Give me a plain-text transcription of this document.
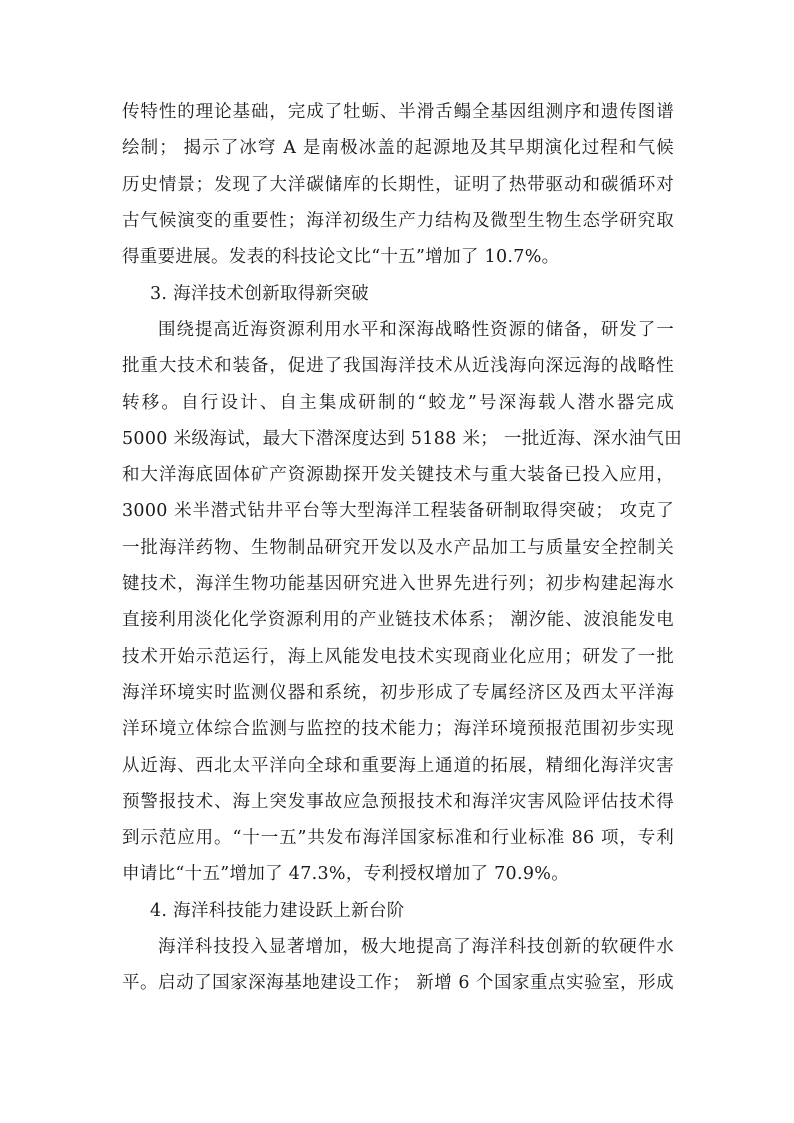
传特性的理论基础，完成了牡蛎、半滑舌鳎全基因组测序和遗传图谱
绘制； 揭示了冰穹 A 是南极冰盖的起源地及其早期演化过程和气候
历史情景；发现了大洋碳储库的长期性，证明了热带驱动和碳循环对
古气候演变的重要性；海洋初级生产力结构及微型生物生态学研究取
得重要进展。发表的科技论文比“十五”增加了 10.7%。
3. 海洋技术创新取得新突破
围绕提高近海资源利用水平和深海战略性资源的储备，研发了一
批重大技术和装备，促进了我国海洋技术从近浅海向深远海的战略性
转移。自行设计、自主集成研制的“蛟龙”号深海载人潜水器完成
5000 米级海试，最大下潜深度达到 5188 米； 一批近海、深水油气田
和大洋海底固体矿产资源勘探开发关键技术与重大装备已投入应用，
3000 米半潜式钻井平台等大型海洋工程装备研制取得突破； 攻克了
一批海洋药物、生物制品研究开发以及水产品加工与质量安全控制关
键技术，海洋生物功能基因研究进入世界先进行列；初步构建起海水
直接利用淡化化学资源利用的产业链技术体系； 潮汐能、波浪能发电
技术开始示范运行，海上风能发电技术实现商业化应用；研发了一批
海洋环境实时监测仪器和系统，初步形成了专属经济区及西太平洋海
洋环境立体综合监测与监控的技术能力；海洋环境预报范围初步实现
从近海、西北太平洋向全球和重要海上通道的拓展，精细化海洋灾害
预警报技术、海上突发事故应急预报技术和海洋灾害风险评估技术得
到示范应用。“十一五”共发布海洋国家标准和行业标准 86 项，专利
申请比“十五”增加了 47.3%，专利授权增加了 70.9%。
4. 海洋科技能力建设跃上新台阶
海洋科技投入显著增加，极大地提高了海洋科技创新的软硬件水
平。启动了国家深海基地建设工作； 新增 6 个国家重点实验室，形成
